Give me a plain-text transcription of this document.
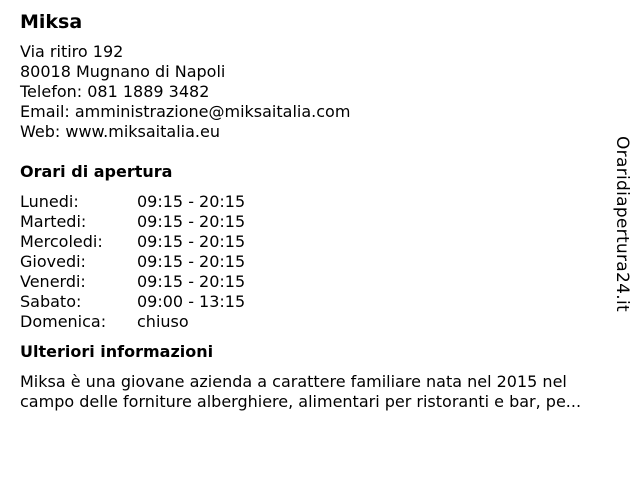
Miksa
Via ritiro 192
80018 Mugnano di Napoli
Telefon: 081 1889 3482
Email: amministrazione@miksaitalia.com
Web: www.miksaitalia.eu
Orari di apertura
Lunedi:	09:15 - 20:15
Martedi:	09:15 - 20:15
Mercoledi:	09:15 - 20:15
Giovedi:	09:15 - 20:15
Venerdi:	09:15 - 20:15
Sabato:	09:00 - 13:15
Domenica:	chiuso
Ulteriori informazioni
Miksa è una giovane azienda a carattere familiare nata nel 2015 nel
campo delle forniture alberghiere, alimentari per ristoranti e bar, pe...
Oraridiapertura24.it
